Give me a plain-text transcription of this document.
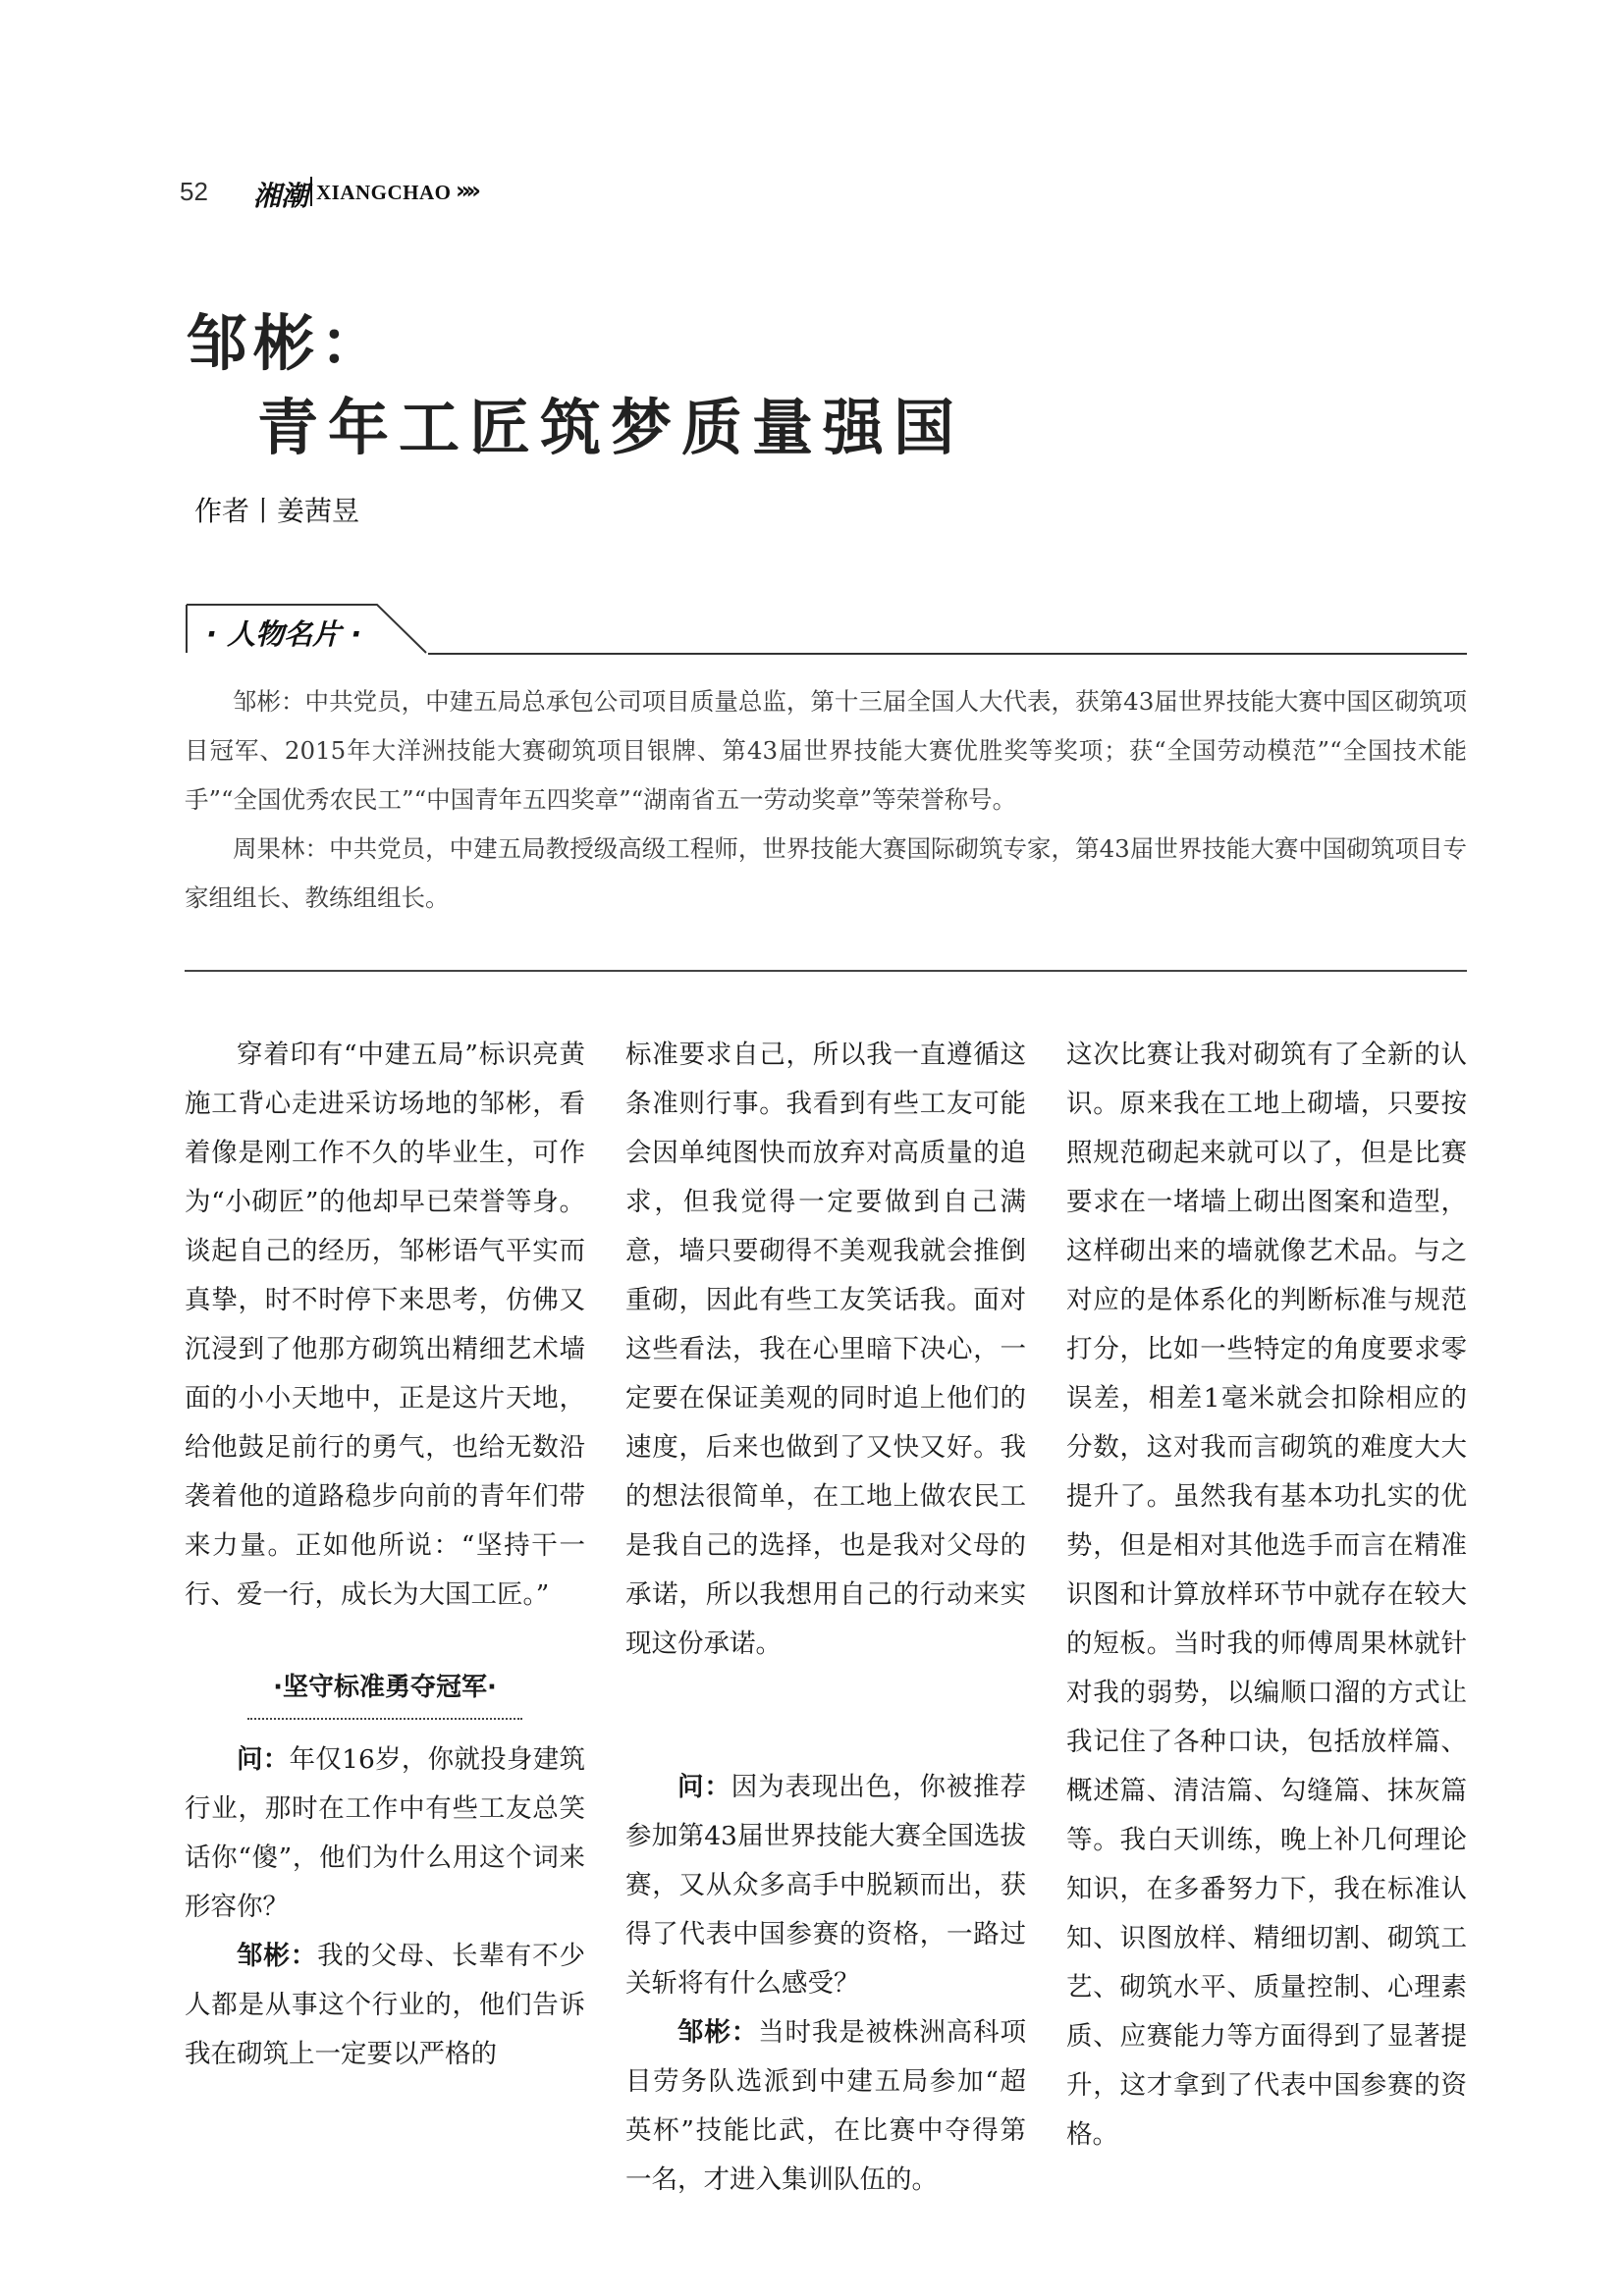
52 湘潮 XIANGCHAO »»
邹彬：
青年工匠筑梦质量强国
作者丨姜茜昱
· 人物名片 ·

邹彬：中共党员，中建五局总承包公司项目质量总监，第十三届全国人大代表，获第43届世界技能大赛中国区砌筑项目冠军、2015年大洋洲技能大赛砌筑项目银牌、第43届世界技能大赛优胜奖等奖项；获“全国劳动模范”“全国技术能手”“全国优秀农民工”“中国青年五四奖章”“湖南省五一劳动奖章”等荣誉称号。

周果林：中共党员，中建五局教授级高级工程师，世界技能大赛国际砌筑专家，第43届世界技能大赛中国砌筑项目专家组组长、教练组组长。

穿着印有“中建五局”标识亮黄施工背心走进采访场地的邹彬，看着像是刚工作不久的毕业生，可作为“小砌匠”的他却早已荣誉等身。谈起自己的经历，邹彬语气平实而真挚，时不时停下来思考，仿佛又沉浸到了他那方砌筑出精细艺术墙面的小小天地中，正是这片天地，给他鼓足前行的勇气，也给无数沿袭着他的道路稳步向前的青年们带来力量。正如他所说：“坚持干一行、爱一行，成长为大国工匠。”

·坚守标准勇夺冠军·

问：年仅16岁，你就投身建筑行业，那时在工作中有些工友总笑话你“傻”，他们为什么用这个词来形容你？

邹彬：我的父母、长辈有不少人都是从事这个行业的，他们告诉我在砌筑上一定要以严格的

标准要求自己，所以我一直遵循这条准则行事。我看到有些工友可能会因单纯图快而放弃对高质量的追求，但我觉得一定要做到自己满意，墙只要砌得不美观我就会推倒重砌，因此有些工友笑话我。面对这些看法，我在心里暗下决心，一定要在保证美观的同时追上他们的速度，后来也做到了又快又好。我的想法很简单，在工地上做农民工是我自己的选择，也是我对父母的承诺，所以我想用自己的行动来实现这份承诺。

问：因为表现出色，你被推荐参加第43届世界技能大赛全国选拔赛，又从众多高手中脱颖而出，获得了代表中国参赛的资格，一路过关斩将有什么感受？

邹彬：当时我是被株洲高科项目劳务队选派到中建五局参加“超英杯”技能比武，在比赛中夺得第一名，才进入集训队伍的。

这次比赛让我对砌筑有了全新的认识。原来我在工地上砌墙，只要按照规范砌起来就可以了，但是比赛要求在一堵墙上砌出图案和造型，这样砌出来的墙就像艺术品。与之对应的是体系化的判断标准与规范打分，比如一些特定的角度要求零误差，相差1毫米就会扣除相应的分数，这对我而言砌筑的难度大大提升了。虽然我有基本功扎实的优势，但是相对其他选手而言在精准识图和计算放样环节中就存在较大的短板。当时我的师傅周果林就针对我的弱势，以编顺口溜的方式让我记住了各种口诀，包括放样篇、概述篇、清洁篇、勾缝篇、抹灰篇等。我白天训练，晚上补几何理论知识，在多番努力下，我在标准认知、识图放样、精细切割、砌筑工艺、砌筑水平、质量控制、心理素质、应赛能力等方面得到了显著提升，这才拿到了代表中国参赛的资格。
